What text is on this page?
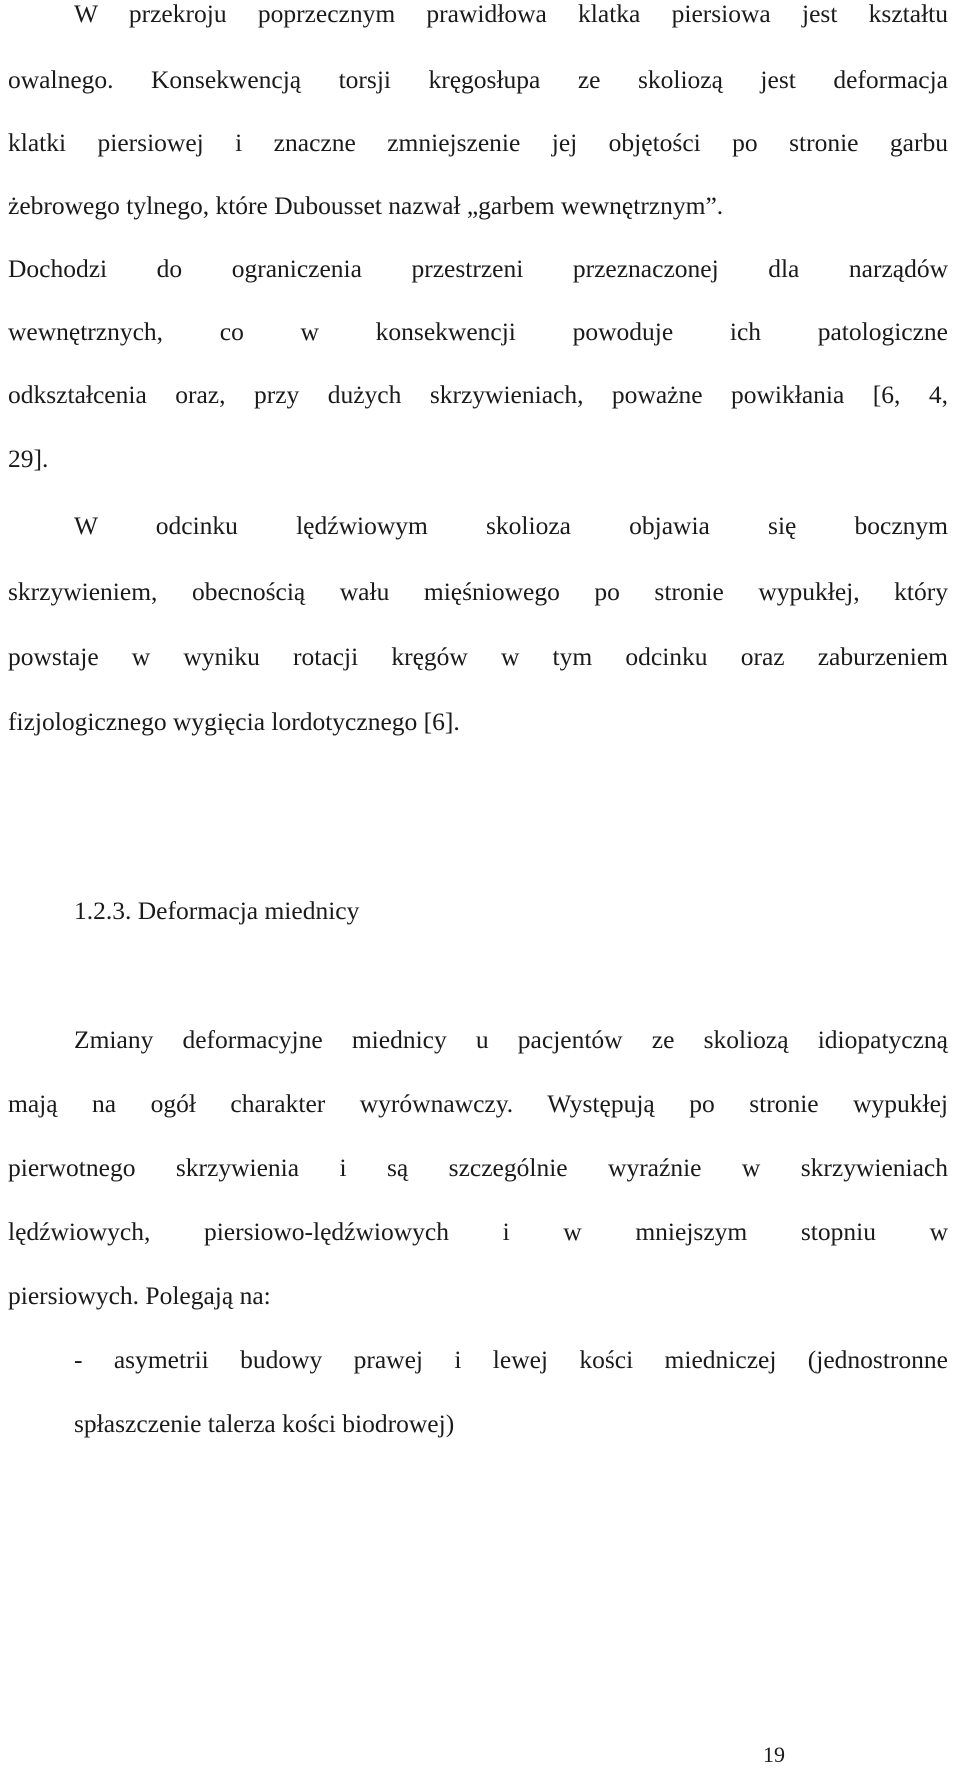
W przekroju poprzecznym prawidłowa klatka piersiowa jest kształtu
owalnego. Konsekwencją torsji kręgosłupa ze skoliozą jest deformacja
klatki piersiowej i znaczne zmniejszenie jej objętości po stronie garbu
żebrowego tylnego, które Dubousset nazwał „garbem wewnętrznym”.
Dochodzi do ograniczenia przestrzeni przeznaczonej dla narządów
wewnętrznych, co w konsekwencji powoduje ich patologiczne
odkształcenia oraz, przy dużych skrzywieniach, poważne powikłania [6, 4,
29].
W odcinku lędźwiowym skolioza objawia się bocznym
skrzywieniem, obecnością wału mięśniowego po stronie wypukłej, który
powstaje w wyniku rotacji kręgów w tym odcinku oraz zaburzeniem
fizjologicznego wygięcia lordotycznego [6].
1.2.3. Deformacja miednicy
Zmiany deformacyjne miednicy u pacjentów ze skoliozą idiopatyczną
mają na ogół charakter wyrównawczy. Występują po stronie wypukłej
pierwotnego skrzywienia i są szczególnie wyraźnie w skrzywieniach
lędźwiowych, piersiowo-lędźwiowych i w mniejszym stopniu w
piersiowych. Polegają na:
- asymetrii budowy prawej i lewej kości miedniczej (jednostronne
spłaszczenie talerza kości biodrowej)
19
